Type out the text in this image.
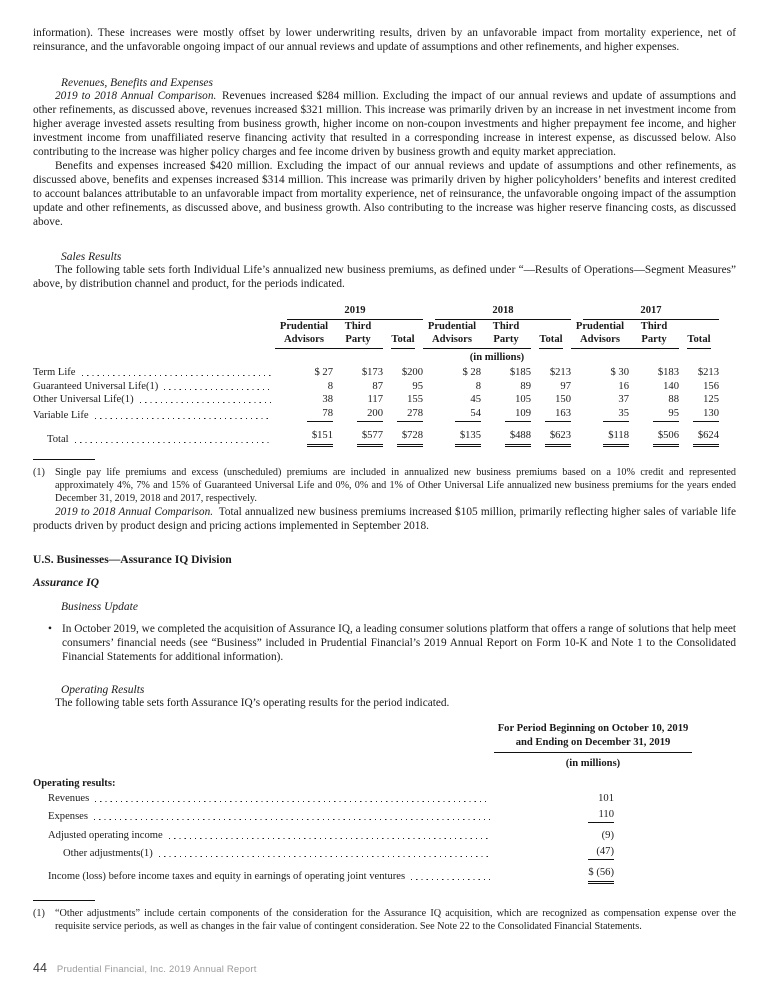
information). These increases were mostly offset by lower underwriting results, driven by an unfavorable impact from mortality experience, net of reinsurance, and the unfavorable ongoing impact of our annual reviews and update of assumptions and other refinements, and higher expenses.

Revenues, Benefits and Expenses

2019 to 2018 Annual Comparison.  Revenues increased $284 million. Excluding the impact of our annual reviews and update of assumptions and other refinements, as discussed above, revenues increased $321 million. This increase was primarily driven by an increase in net investment income from higher average invested assets resulting from business growth, higher income on non-coupon investments and higher prepayment fee income, and higher investment income from unaffiliated reserve financing activity that resulted in a corresponding increase in interest expense, as discussed below. Also contributing to the increase was higher policy charges and fee income driven by business growth and equity market appreciation.

Benefits and expenses increased $420 million. Excluding the impact of our annual reviews and update of assumptions and other refinements, as discussed above, benefits and expenses increased $314 million. This increase was primarily driven by higher policyholders’ benefits and interest credited to account balances attributable to an unfavorable impact from mortality experience, net of reinsurance, the unfavorable ongoing impact of the assumption update and other refinements, as discussed above, and business growth. Also contributing to the increase was higher reserve financing costs, as discussed above.

Sales Results

The following table sets forth Individual Life’s annualized new business premiums, as defined under “—Results of Operations—Segment Measures” above, by distribution channel and product, for the periods indicated.

	2019			2018			2017		

	Prudential Advisors	Third Party	Total	Prudential Advisors	Third Party	Total	Prudential Advisors	Third Party	Total
	(in millions)								

Term Life	$ 27	$173	$200	$ 28	$185	$213	$ 30	$183	$213

Guaranteed Universal Life(1)	8	87	95	8	89	97	16	140	156

Other Universal Life(1)	38	117	155	45	105	150	37	88	125

Variable Life	78	200	278	54	109	163	35	95	130

Total	$151	$577	$728	$135	$488	$623	$118	$506	$624
(1) Single pay life premiums and excess (unscheduled) premiums are included in annualized new business premiums based on a 10% credit and represented approximately 4%, 7% and 15% of Guaranteed Universal Life and 0%, 0% and 1% of Other Universal Life annualized new business premiums for the years ended December 31, 2019, 2018 and 2017, respectively.

2019 to 2018 Annual Comparison.  Total annualized new business premiums increased $105 million, primarily reflecting higher sales of variable life products driven by product design and pricing actions implemented in September 2018.

U.S. Businesses—Assurance IQ Division
Assurance IQ
Business Update
• In October 2019, we completed the acquisition of Assurance IQ, a leading consumer solutions platform that offers a range of solutions that help meet consumers’ financial needs (see “Business” included in Prudential Financial’s 2019 Annual Report on Form 10-K and Note 1 to the Consolidated Financial Statements for additional information).
Operating Results

The following table sets forth Assurance IQ’s operating results for the period indicated.

For Period Beginning on October 10, 2019
and Ending on December 31, 2019
(in millions)
Operating results:
Revenues	101
Expenses	110
Adjusted operating income	(9)
Other adjustments(1)	(47)
Income (loss) before income taxes and equity in earnings of operating joint ventures	$ (56)
(1) “Other adjustments” include certain components of the consideration for the Assurance IQ acquisition, which are recognized as compensation expense over the requisite service periods, as well as changes in the fair value of contingent consideration. See Note 22 to the Consolidated Financial Statements.
44 Prudential Financial, Inc. 2019 Annual Report
